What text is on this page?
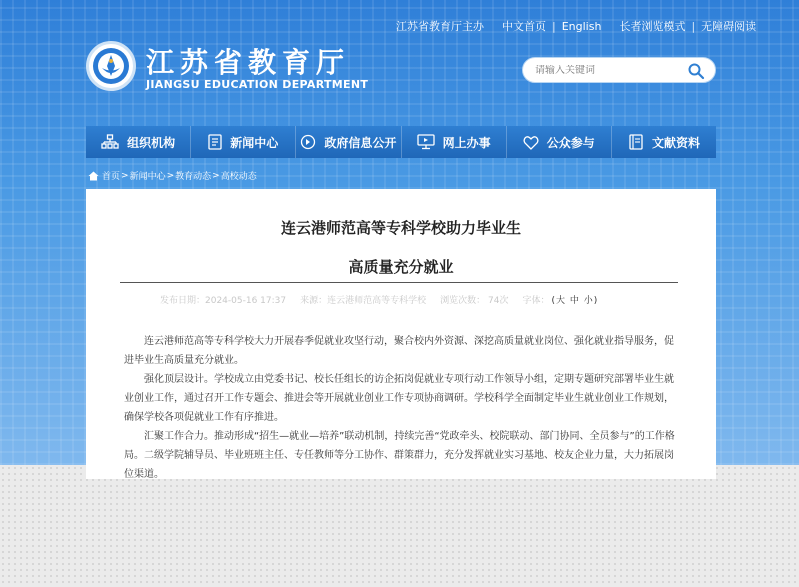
江苏省教育厅主办 中文首页 | English 长者浏览模式 | 无障碍阅读
江苏省教育厅
JIANGSU EDUCATION DEPARTMENT
请输入关键词
组织机构	新闻中心	政府信息公开	网上办事	公众参与	文献资料
首页 > 新闻中心 > 教育动态 > 高校动态
连云港师范高等专科学校助力毕业生
高质量充分就业
发布日期：2024-05-16 17:37 来源：连云港师范高等专科学校 浏览次数： 74次 字体： (大 中 小)

连云港师范高等专科学校大力开展春季促就业攻坚行动，聚合校内外资源、深挖高质量就业岗位、强化就业指导服务，促进毕业生高质量充分就业。

强化顶层设计。学校成立由党委书记、校长任组长的访企拓岗促就业专项行动工作领导小组，定期专题研究部署毕业生就业创业工作，通过召开工作专题会、推进会等开展就业创业工作专项协商调研。学校科学全面制定毕业生就业创业工作规划，确保学校各项促就业工作有序推进。

汇聚工作合力。推动形成“招生—就业—培养”联动机制，持续完善“党政牵头、校院联动、部门协同、全员参与”的工作格局。二级学院辅导员、毕业班班主任、专任教师等分工协作、群策群力，充分发挥就业实习基地、校友企业力量，大力拓展岗位渠道。
